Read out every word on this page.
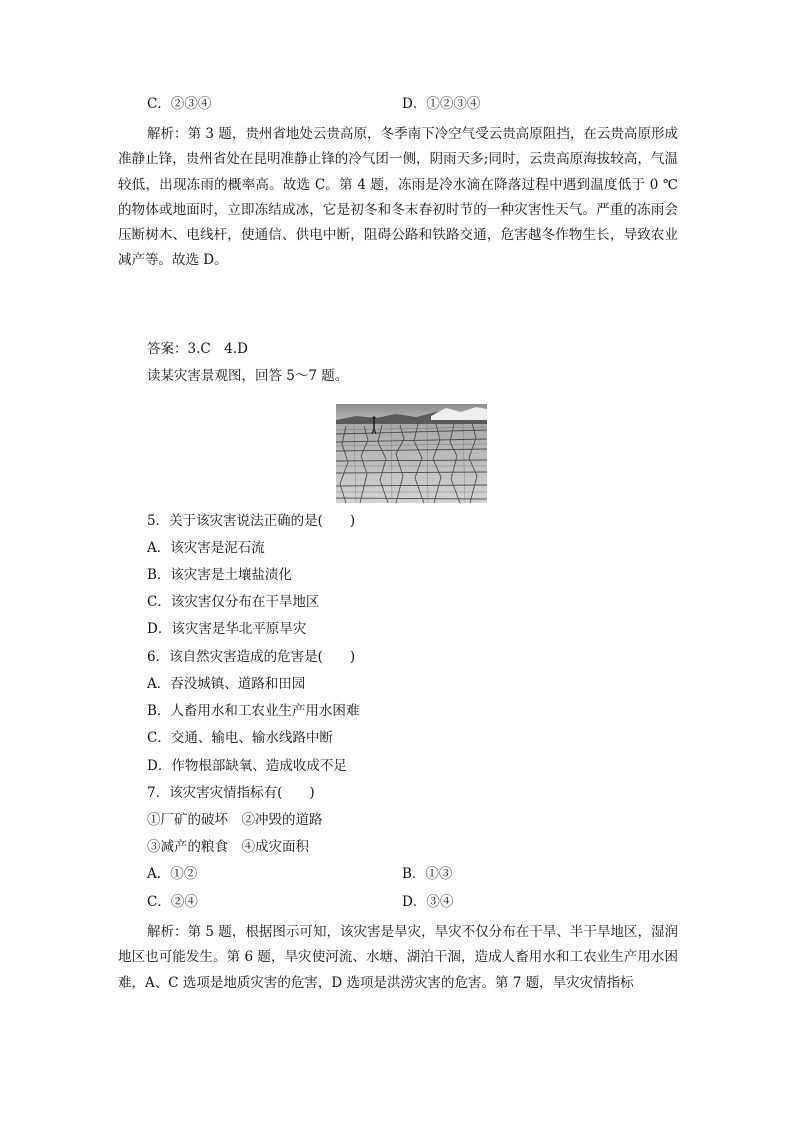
C．②③④	D．①②③④
解析：第 3 题，贵州省地处云贵高原，冬季南下冷空气受云贵高原阻挡，在云贵高原形成准静止锋，贵州省处在昆明准静止锋的冷气团一侧，阴雨天多;同时，云贵高原海拔较高，气温较低，出现冻雨的概率高。故选 C。第 4 题，冻雨是冷水滴在降落过程中遇到温度低于 0 ℃的物体或地面时，立即冻结成冰，它是初冬和冬末春初时节的一种灾害性天气。严重的冻雨会压断树木、电线杆，使通信、供电中断，阻碍公路和铁路交通，危害越冬作物生长，导致农业减产等。故选 D。
答案：3.C　4.D
读某灾害景观图，回答 5～7 题。
5．关于该灾害说法正确的是(　　)
A．该灾害是泥石流
B．该灾害是土壤盐渍化
C．该灾害仅分布在干旱地区
D．该灾害是华北平原旱灾
6．该自然灾害造成的危害是(　　)
A．吞没城镇、道路和田园
B．人畜用水和工农业生产用水困难
C．交通、输电、输水线路中断
D．作物根部缺氧、造成收成不足
7．该灾害灾情指标有(　　)
①厂矿的破坏　②冲毁的道路
③减产的粮食　④成灾面积
A．①②	B．①③
C．②④	D．③④
解析：第 5 题，根据图示可知，该灾害是旱灾，旱灾不仅分布在干旱、半干旱地区，湿润地区也可能发生。第 6 题，旱灾使河流、水塘、湖泊干涸，造成人畜用水和工农业生产用水困难，A、C 选项是地质灾害的危害，D 选项是洪涝灾害的危害。第 7 题，旱灾灾情指标
